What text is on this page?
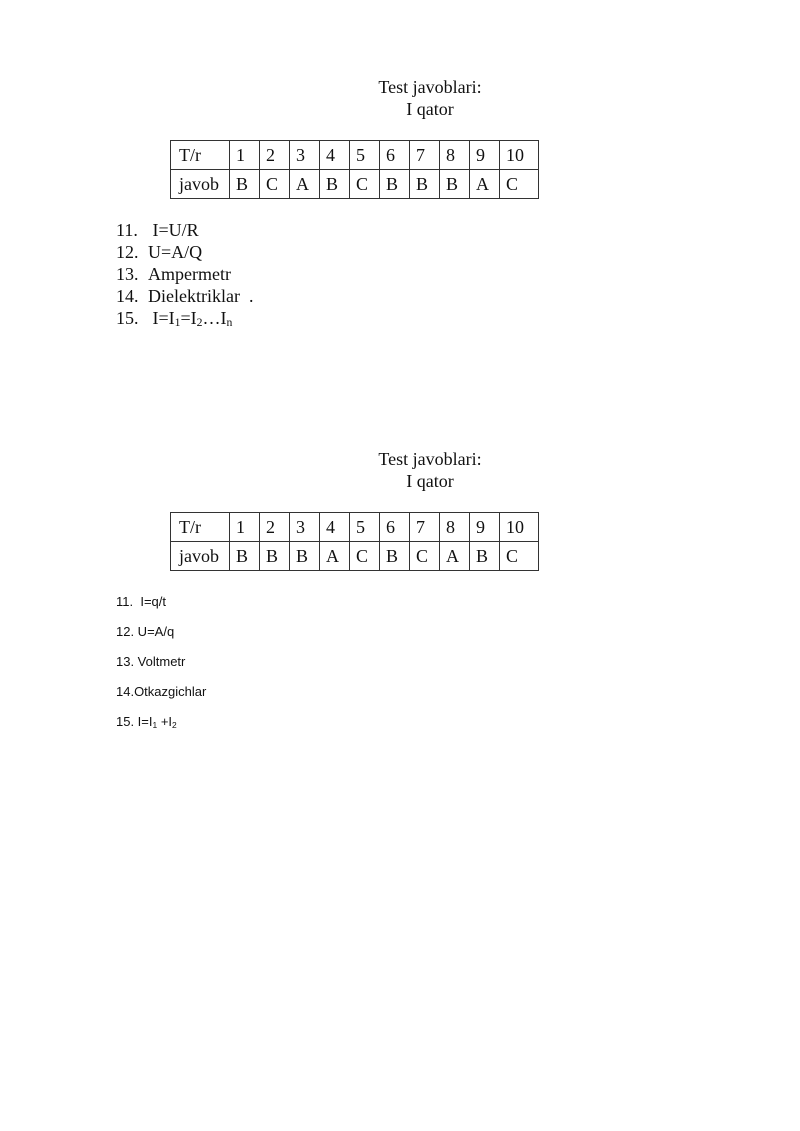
Test javoblari:
I qator
T/r	1	2	3	4	5	6	7	8	9	10
javob	B	C	A	B	C	B	B	B	A	C
11. I=U/R
12. U=A/Q
13. Ampermetr
14. Dielektriklar  .
15. $I=I_1=I_2\dots I_n$
Test javoblari:
I qator
T/r	1	2	3	4	5	6	7	8	9	10
javob	B	B	B	A	C	B	C	A	B	C
11.  I=q/t
12. U=A/q
13. Voltmetr
14.Otkazgichlar
15. $I=I_1 +I_2$
